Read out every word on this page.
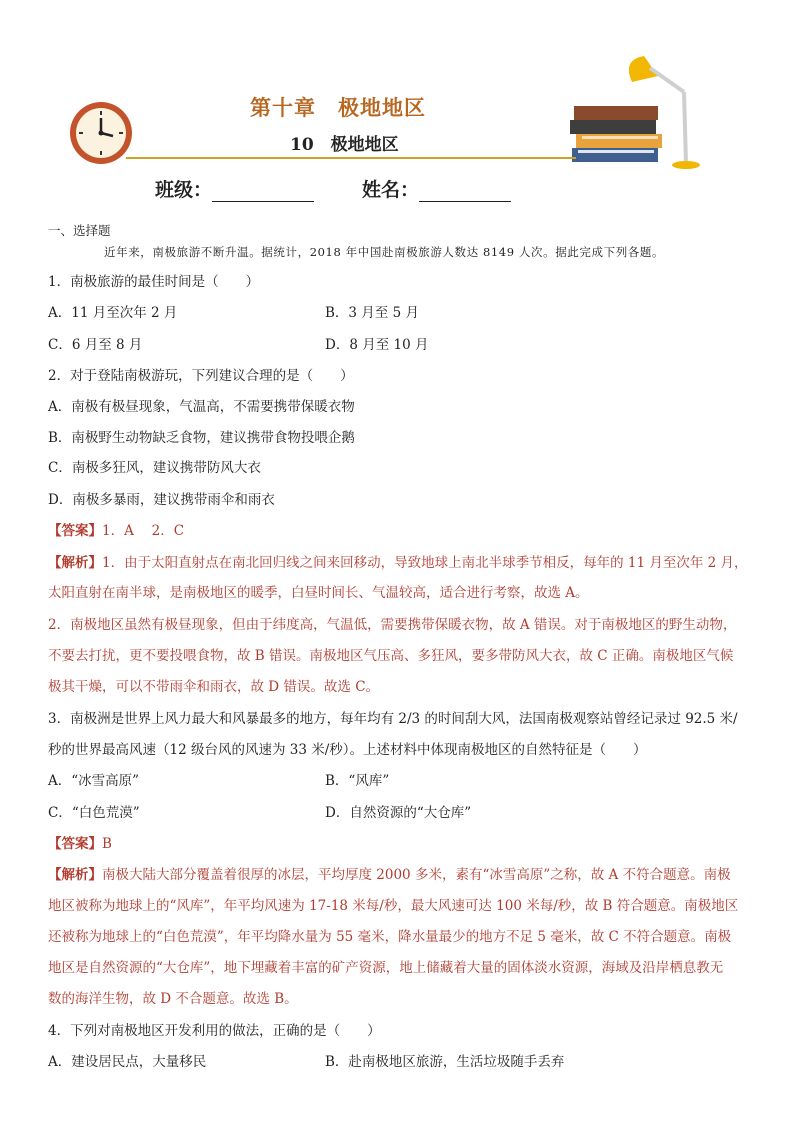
第十章　极地地区
10　极地地区
班级：	姓名：
一、选择题
近年来，南极旅游不断升温。据统计，2018 年中国赴南极旅游人数达 8149 人次。据此完成下列各题。
1．南极旅游的最佳时间是（　　）
A．11 月至次年 2 月	B．3 月至 5 月
C．6 月至 8 月	D．8 月至 10 月
2．对于登陆南极游玩，下列建议合理的是（　　）
A．南极有极昼现象，气温高，不需要携带保暖衣物
B．南极野生动物缺乏食物，建议携带食物投喂企鹅
C．南极多狂风，建议携带防风大衣
D．南极多暴雨，建议携带雨伞和雨衣
【答案】1．A　 2．C
【解析】1．由于太阳直射点在南北回归线之间来回移动，导致地球上南北半球季节相反，每年的 11 月至次年 2 月，
太阳直射在南半球，是南极地区的暖季，白昼时间长、气温较高，适合进行考察，故选 A。
2．南极地区虽然有极昼现象，但由于纬度高，气温低，需要携带保暖衣物，故 A 错误。对于南极地区的野生动物，
不要去打扰，更不要投喂食物，故 B 错误。南极地区气压高、多狂风，要多带防风大衣，故 C 正确。南极地区气候
极其干燥，可以不带雨伞和雨衣，故 D 错误。故选 C。
3．南极洲是世界上风力最大和风暴最多的地方，每年均有 2/3 的时间刮大风，法国南极观察站曾经记录过 92.5 米/
秒的世界最高风速（12 级台风的风速为 33 米/秒）。上述材料中体现南极地区的自然特征是（　　）
A．“冰雪高原”	B．“风库”
C．“白色荒漠”	D．自然资源的“大仓库”
【答案】B
【解析】南极大陆大部分覆盖着很厚的冰层，平均厚度 2000 多米，素有“冰雪高原”之称，故 A 不符合题意。南极
地区被称为地球上的“风库”，年平均风速为 17-18 米每/秒，最大风速可达 100 米每/秒，故 B 符合题意。南极地区
还被称为地球上的“白色荒漠”，年平均降水量为 55 毫米，降水量最少的地方不足 5 毫米，故 C 不符合题意。南极
地区是自然资源的“大仓库”，地下埋藏着丰富的矿产资源，地上储藏着大量的固体淡水资源，海域及沿岸栖息教无
数的海洋生物，故 D 不合题意。故选 B。
4．下列对南极地区开发利用的做法，正确的是（　　）
A．建设居民点，大量移民	B．赴南极地区旅游，生活垃圾随手丢弃
